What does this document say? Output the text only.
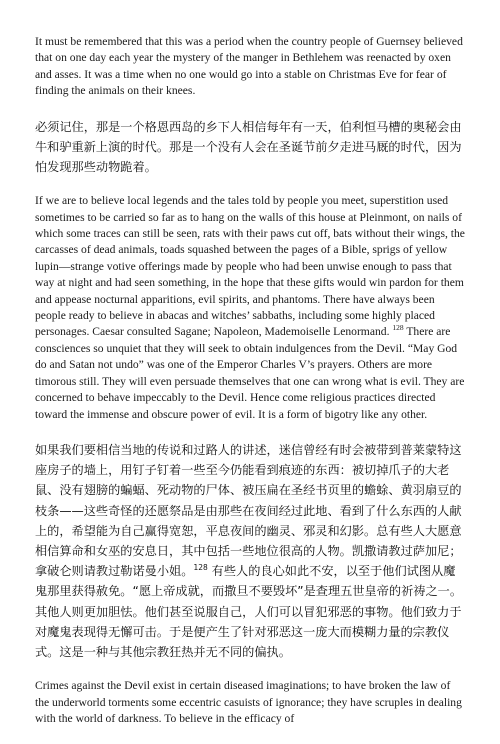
It must be remembered that this was a period when the country people of Guernsey believed that on one day each year the mystery of the manger in Bethlehem was reenacted by oxen and asses. It was a time when no one would go into a stable on Christmas Eve for fear of finding the animals on their knees.

必须记住，那是一个格恩西岛的乡下人相信每年有一天，伯利恒马槽的奥秘会由牛和驴重新上演的时代。那是一个没有人会在圣诞节前夕走进马厩的时代，因为怕发现那些动物跪着。

If we are to believe local legends and the tales told by people you meet, superstition used sometimes to be carried so far as to hang on the walls of this house at Pleinmont, on nails of which some traces can still be seen, rats with their paws cut off, bats without their wings, the carcasses of dead animals, toads squashed between the pages of a Bible, sprigs of yellow lupin—strange votive offerings made by people who had been unwise enough to pass that way at night and had seen something, in the hope that these gifts would win pardon for them and appease nocturnal apparitions, evil spirits, and phantoms. There have always been people ready to believe in abacas and witches’ sabbaths, including some highly placed personages. Caesar consulted Sagane; Napoleon, Mademoiselle Lenormand. $^{128}$ There are consciences so unquiet that they will seek to obtain indulgences from the Devil. “May God do and Satan not undo” was one of the Emperor Charles V’s prayers. Others are more timorous still. They will even persuade themselves that one can wrong what is evil. They are concerned to behave impeccably to the Devil. Hence come religious practices directed toward the immense and obscure power of evil. It is a form of bigotry like any other.

如果我们要相信当地的传说和过路人的讲述，迷信曾经有时会被带到普莱蒙特这座房子的墙上，用钉子钉着一些至今仍能看到痕迹的东西：被切掉爪子的大老鼠、没有翅膀的蝙蝠、死动物的尸体、被压扁在圣经书页里的蟾蜍、黄羽扇豆的枝条——这些奇怪的还愿祭品是由那些在夜间经过此地、看到了什么东西的人献上的，希望能为自己赢得宽恕，平息夜间的幽灵、邪灵和幻影。总有些人大愿意相信算命和女巫的安息日，其中包括一些地位很高的人物。凯撒请教过萨加尼；拿破仑则请教过勒诺曼小姐。$^{128}$ 有些人的良心如此不安，以至于他们试图从魔鬼那里获得赦免。“愿上帝成就，而撒旦不要毁坏”是查理五世皇帝的祈祷之一。其他人则更加胆怯。他们甚至说服自己，人们可以冒犯邪恶的事物。他们致力于对魔鬼表现得无懈可击。于是便产生了针对邪恶这一庞大而模糊力量的宗教仪式。这是一种与其他宗教狂热并无不同的偏执。

Crimes against the Devil exist in certain diseased imaginations; to have broken the law of the underworld torments some eccentric casuists of ignorance; they have scruples in dealing with the world of darkness. To believe in the efficacy of
